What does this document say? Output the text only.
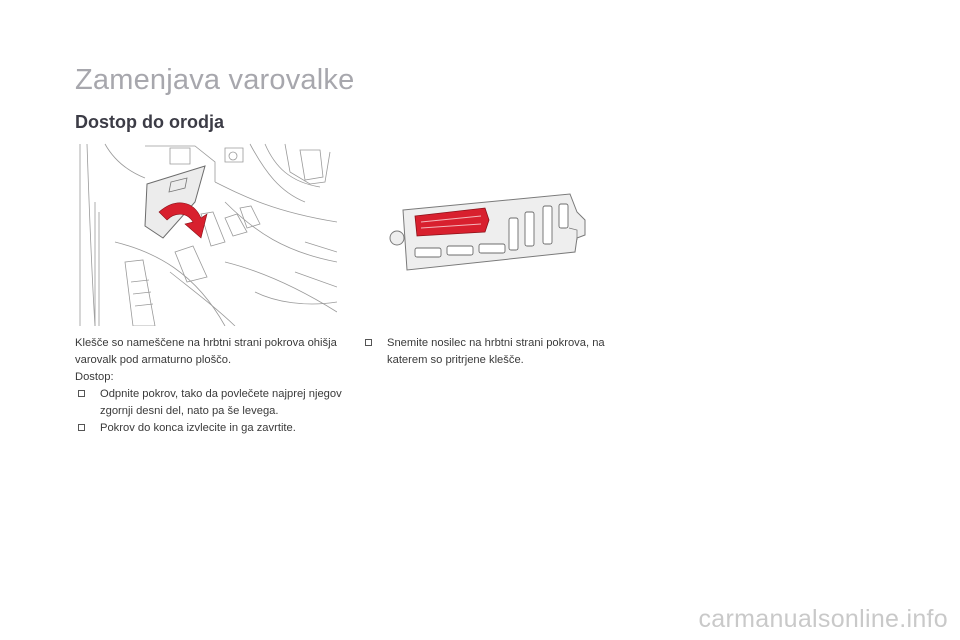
Zamenjava varovalke
Dostop do orodja
Klešče so nameščene na hrbtni strani pokrova ohišja varovalk pod armaturno ploščo.
Dostop:
Odpnite pokrov, tako da povlečete najprej njegov zgornji desni del, nato pa še levega.
Pokrov do konca izvlecite in ga zavrtite.
Snemite nosilec na hrbtni strani pokrova, na katerem so pritrjene klešče.
carmanualsonline.info
